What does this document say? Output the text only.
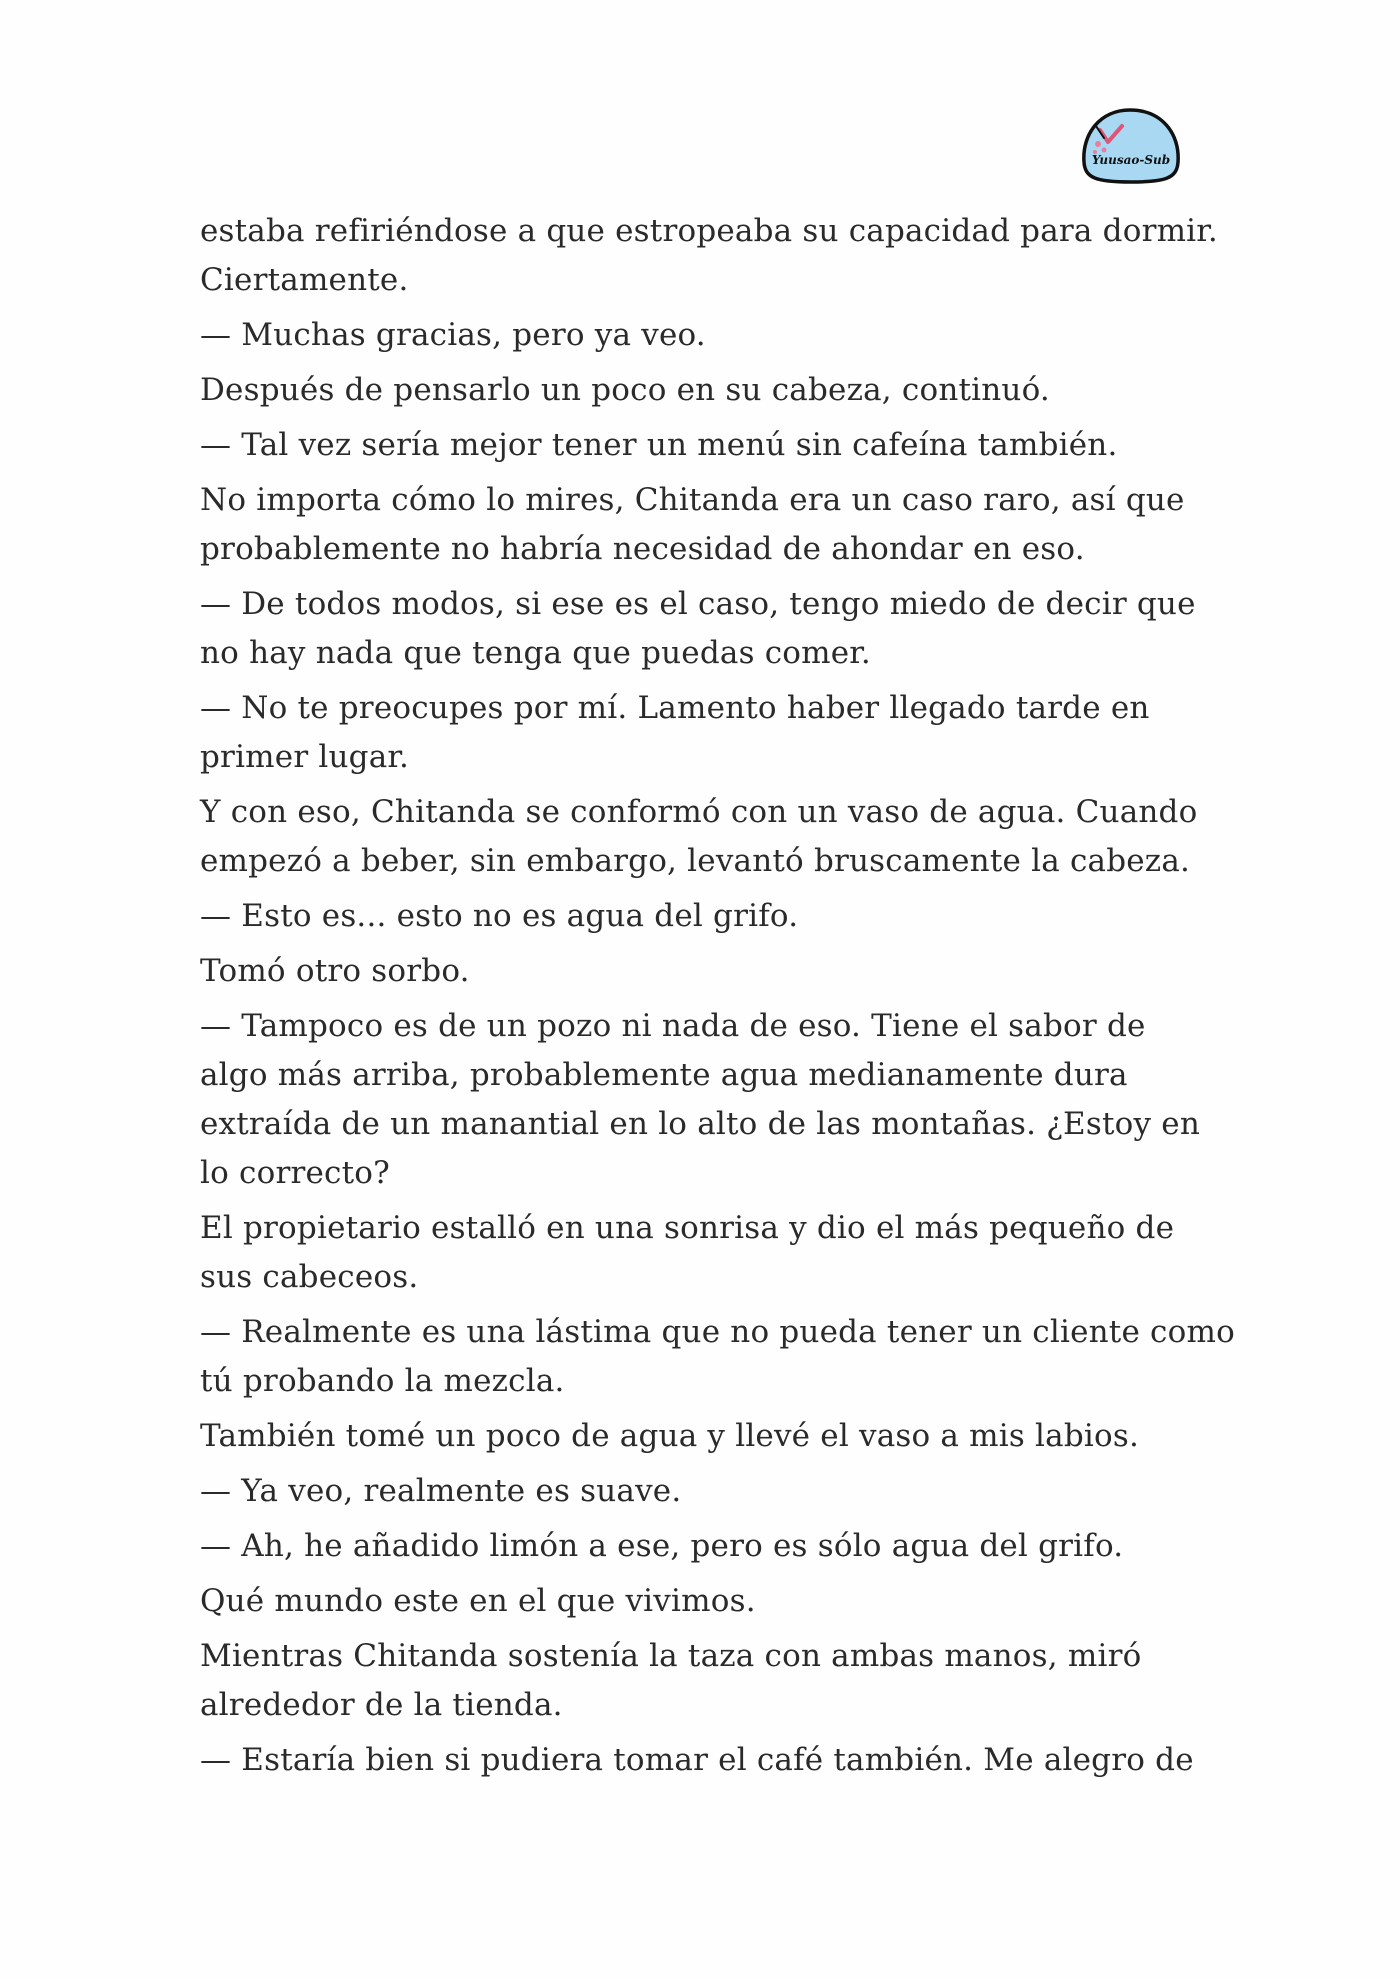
Yuusao-Sub

estaba refiriéndose a que estropeaba su capacidad para dormir.
Ciertamente.

— Muchas gracias, pero ya veo.

Después de pensarlo un poco en su cabeza, continuó.

— Tal vez sería mejor tener un menú sin cafeína también.

No importa cómo lo mires, Chitanda era un caso raro, así que
probablemente no habría necesidad de ahondar en eso.

— De todos modos, si ese es el caso, tengo miedo de decir que
no hay nada que tenga que puedas comer.

— No te preocupes por mí. Lamento haber llegado tarde en
primer lugar.

Y con eso, Chitanda se conformó con un vaso de agua. Cuando
empezó a beber, sin embargo, levantó bruscamente la cabeza.

— Esto es... esto no es agua del grifo.

Tomó otro sorbo.

— Tampoco es de un pozo ni nada de eso. Tiene el sabor de
algo más arriba, probablemente agua medianamente dura
extraída de un manantial en lo alto de las montañas. ¿Estoy en
lo correcto?

El propietario estalló en una sonrisa y dio el más pequeño de
sus cabeceos.

— Realmente es una lástima que no pueda tener un cliente como
tú probando la mezcla.

También tomé un poco de agua y llevé el vaso a mis labios.

— Ya veo, realmente es suave.

— Ah, he añadido limón a ese, pero es sólo agua del grifo.

Qué mundo este en el que vivimos.

Mientras Chitanda sostenía la taza con ambas manos, miró
alrededor de la tienda.

— Estaría bien si pudiera tomar el café también. Me alegro de
